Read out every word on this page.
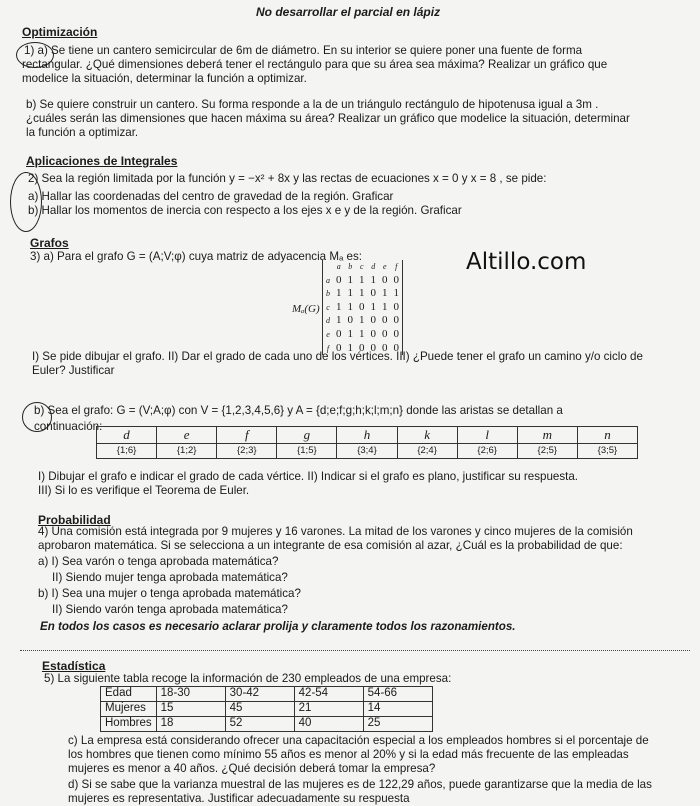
No desarrollar el parcial en lápiz
Optimización
1) a) Se tiene un cantero semicircular de 6m de diámetro. En su interior se quiere poner una fuente de forma
rectangular. ¿Qué dimensiones deberá tener el rectángulo para que su área sea máxima? Realizar un gráfico que
modelice la situación, determinar la función a optimizar.
b) Se quiere construir un cantero. Su forma responde a la de un triángulo rectángulo de hipotenusa igual a 3m .
¿cuáles serán las dimensiones que hacen máxima su área? Realizar un gráfico que modelice la situación, determinar
la función a optimizar.
Aplicaciones de Integrales
2) Sea la región limitada por la función y = −x² + 8x y las rectas de ecuaciones x = 0 y x = 8 , se pide:
a) Hallar las coordenadas del centro de gravedad de la región. Graficar
b) Hallar los momentos de inercia con respecto a los ejes x e y de la región. Graficar
Grafos
3) a) Para el grafo G = (A;V;φ) cuya matriz de adyacencia Mₐ es:	Altillo.com
Mₐ(G)
	a	b	c	d	e	f
a	0	1	1	1	0	0
b	1	1	1	0	1	1
c	1	1	0	1	1	0
d	1	0	1	0	0	0
e	0	1	1	0	0	0
f	0	1	0	0	0	0
I) Se pide dibujar el grafo. II) Dar el grado de cada uno de los vértices. III) ¿Puede tener el grafo un camino y/o ciclo de
Euler? Justificar
b) Sea el grafo: G = (V;A;φ) con V = {1,2,3,4,5,6} y A = {d;e;f;g;h;k;l;m;n} donde las aristas se detallan a
continuación:
d	e	f	g	h	k	l	m	n
{1;6}	{1;2}	{2;3}	{1;5}	{3;4}	{2;4}	{2;6}	{2;5}	{3;5}
I) Dibujar el grafo e indicar el grado de cada vértice. II) Indicar si el grafo es plano, justificar su respuesta.
III) Si lo es verifique el Teorema de Euler.
Probabilidad
4) Una comisión está integrada por 9 mujeres y 16 varones. La mitad de los varones y cinco mujeres de la comisión
aprobaron matemática. Si se selecciona a un integrante de esa comisión al azar, ¿Cuál es la probabilidad de que:
a) I) Sea varón o tenga aprobada matemática?
II) Siendo mujer tenga aprobada matemática?
b) I) Sea una mujer o tenga aprobada matemática?
II) Siendo varón tenga aprobada matemática?
En todos los casos es necesario aclarar prolija y claramente todos los razonamientos.
Estadística
5) La siguiente tabla recoge la información de 230 empleados de una empresa:
Edad	18-30	30-42	42-54	54-66
Mujeres	15	45	21	14
Hombres	18	52	40	25
c) La empresa está considerando ofrecer una capacitación especial a los empleados hombres si el porcentaje de
los hombres que tienen como mínimo 55 años es menor al 20% y si la edad más frecuente de las empleadas
mujeres es menor a 40 años. ¿Qué decisión deberá tomar la empresa?
d) Si se sabe que la varianza muestral de las mujeres es de 122,29 años, puede garantizarse que la media de las
mujeres es representativa. Justificar adecuadamente su respuesta
